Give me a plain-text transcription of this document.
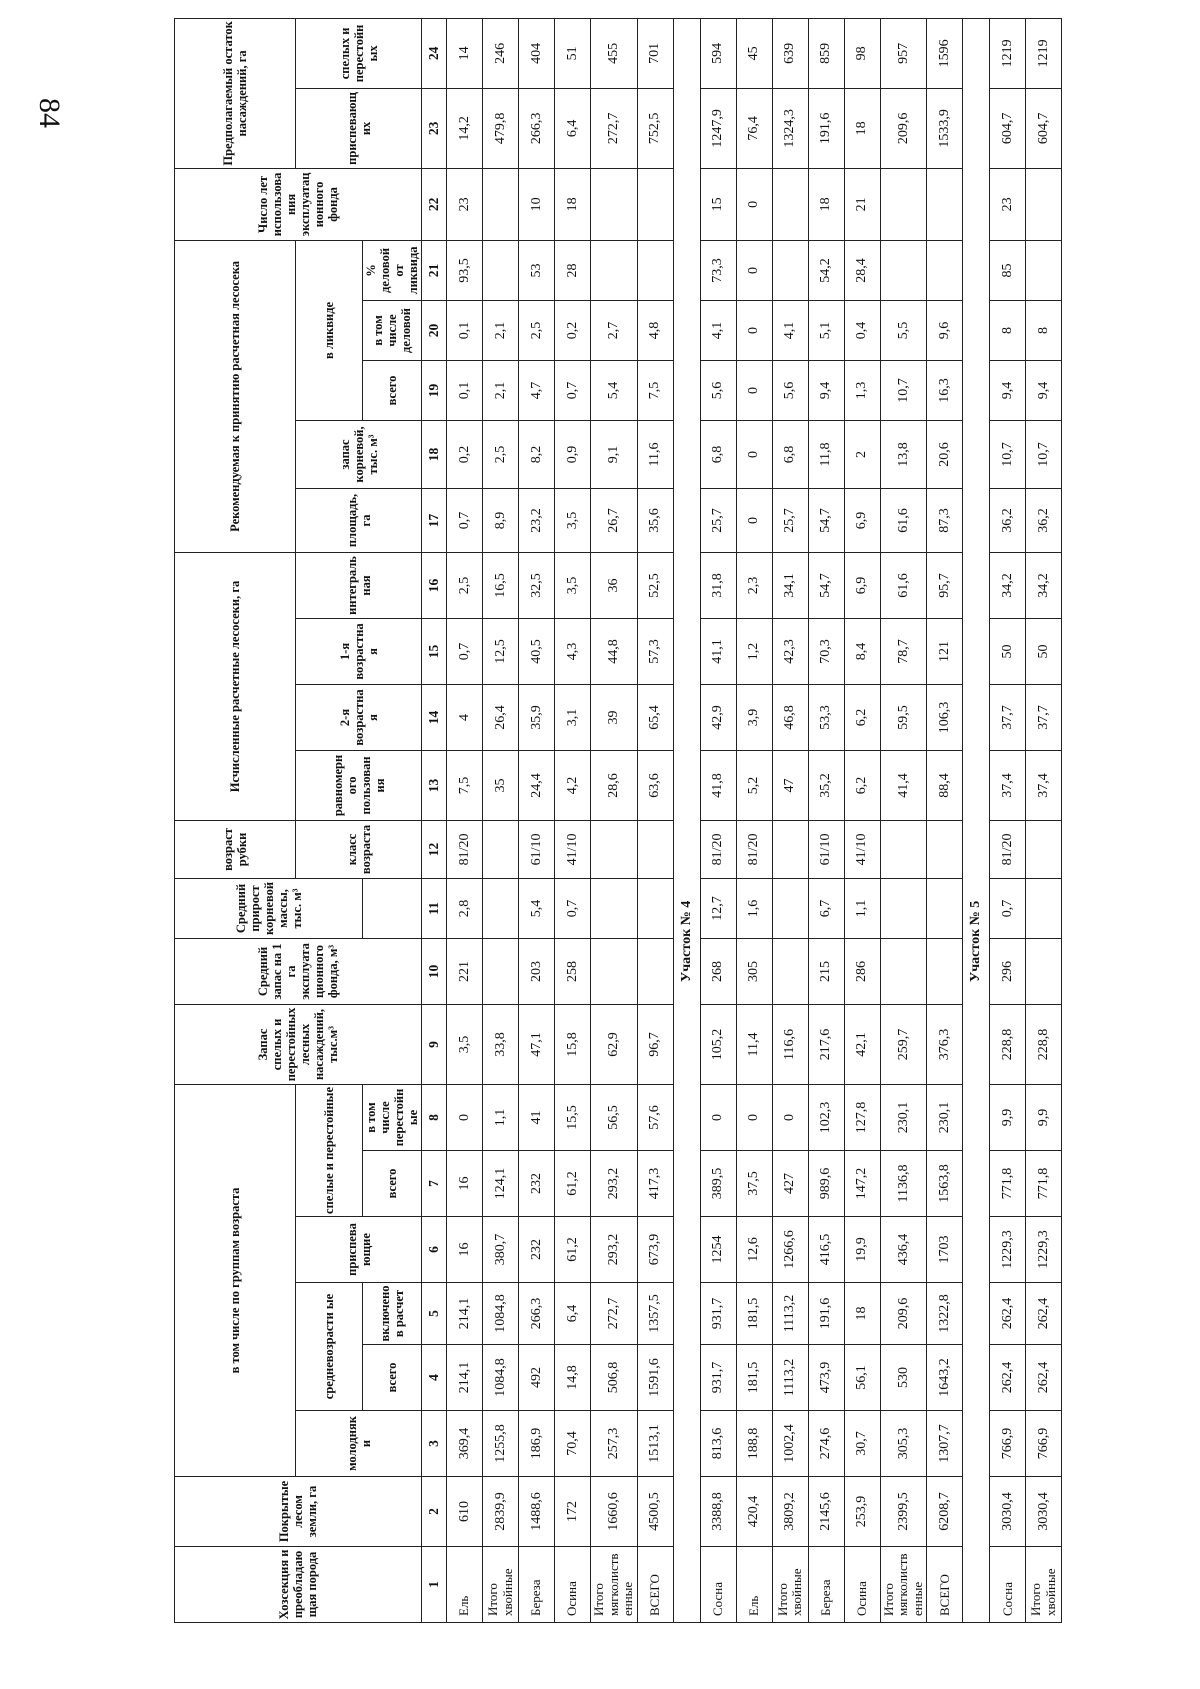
84
Хозсекция и преобладающая порода	Покрытые лесом земли, га	в том числе по группам возраста						Запас спелых и перестойных лесных насаждений, тыс.м³	Средний запас на 1 га эксплуатационного фонда, м³	Средний прирост корневой массы, тыс. м³	возраст рубки	Исчисленные расчетные лесосеки, га				Рекомендуемая к принятию расчетная лесосека					Число лет использования эксплуатационного фонда	Предполагаемый остаток насаждений, га	
		молодняки	средневозрасти ые		приспевающие	спелые и перестойные					класс возраста	равномерного пользования	2-я возрастная	1-я возрастная	интегральная	площадь, га	запас корневой, тыс. м³	в ликвиде				приспевающих	спелых и перестойных
			всего	включено в расчет		всего	в том числе перестойные											всего	в том числе деловой	% деловой от ликвида			
1	2	3	4	5	6	7	8	9	10	11	12	13	14	15	16	17	18	19	20	21	22	23	24
Ель	610	369,4	214,1	214,1	16	16	0	3,5	221	2,8	81/20	7,5	4	0,7	2,5	0,7	0,2	0,1	0,1	93,5	23	14,2	14
Итого хвойные	2839,9	1255,8	1084,8	1084,8	380,7	124,1	1,1	33,8				35	26,4	12,5	16,5	8,9	2,5	2,1	2,1			479,8	246
Береза	1488,6	186,9	492	266,3	232	232	41	47,1	203	5,4	61/10	24,4	35,9	40,5	32,5	23,2	8,2	4,7	2,5	53	10	266,3	404
Осина	172	70,4	14,8	6,4	61,2	61,2	15,5	15,8	258	0,7	41/10	4,2	3,1	4,3	3,5	3,5	0,9	0,7	0,2	28	18	6,4	51
Итого мягколиственные	1660,6	257,3	506,8	272,7	293,2	293,2	56,5	62,9				28,6	39	44,8	36	26,7	9,1	5,4	2,7			272,7	455
ВСЕГО	4500,5	1513,1	1591,6	1357,5	673,9	417,3	57,6	96,7				63,6	65,4	57,3	52,5	35,6	11,6	7,5	4,8			752,5	701
Участок № 4																							
Сосна	3388,8	813,6	931,7	931,7	1254	389,5	0	105,2	268	12,7	81/20	41,8	42,9	41,1	31,8	25,7	6,8	5,6	4,1	73,3	15	1247,9	594
Ель	420,4	188,8	181,5	181,5	12,6	37,5	0	11,4	305	1,6	81/20	5,2	3,9	1,2	2,3	0	0	0	0	0	0	76,4	45
Итого хвойные	3809,2	1002,4	1113,2	1113,2	1266,6	427	0	116,6				47	46,8	42,3	34,1	25,7	6,8	5,6	4,1			1324,3	639
Береза	2145,6	274,6	473,9	191,6	416,5	989,6	102,3	217,6	215	6,7	61/10	35,2	53,3	70,3	54,7	54,7	11,8	9,4	5,1	54,2	18	191,6	859
Осина	253,9	30,7	56,1	18	19,9	147,2	127,8	42,1	286	1,1	41/10	6,2	6,2	8,4	6,9	6,9	2	1,3	0,4	28,4	21	18	98
Итого мягколиственные	2399,5	305,3	530	209,6	436,4	1136,8	230,1	259,7				41,4	59,5	78,7	61,6	61,6	13,8	10,7	5,5			209,6	957
ВСЕГО	6208,7	1307,7	1643,2	1322,8	1703	1563,8	230,1	376,3				88,4	106,3	121	95,7	87,3	20,6	16,3	9,6			1533,9	1596
Участок № 5																							
Сосна	3030,4	766,9	262,4	262,4	1229,3	771,8	9,9	228,8	296	0,7	81/20	37,4	37,7	50	34,2	36,2	10,7	9,4	8	85	23	604,7	1219
Итого хвойные	3030,4	766,9	262,4	262,4	1229,3	771,8	9,9	228,8				37,4	37,7	50	34,2	36,2	10,7	9,4	8			604,7	1219
